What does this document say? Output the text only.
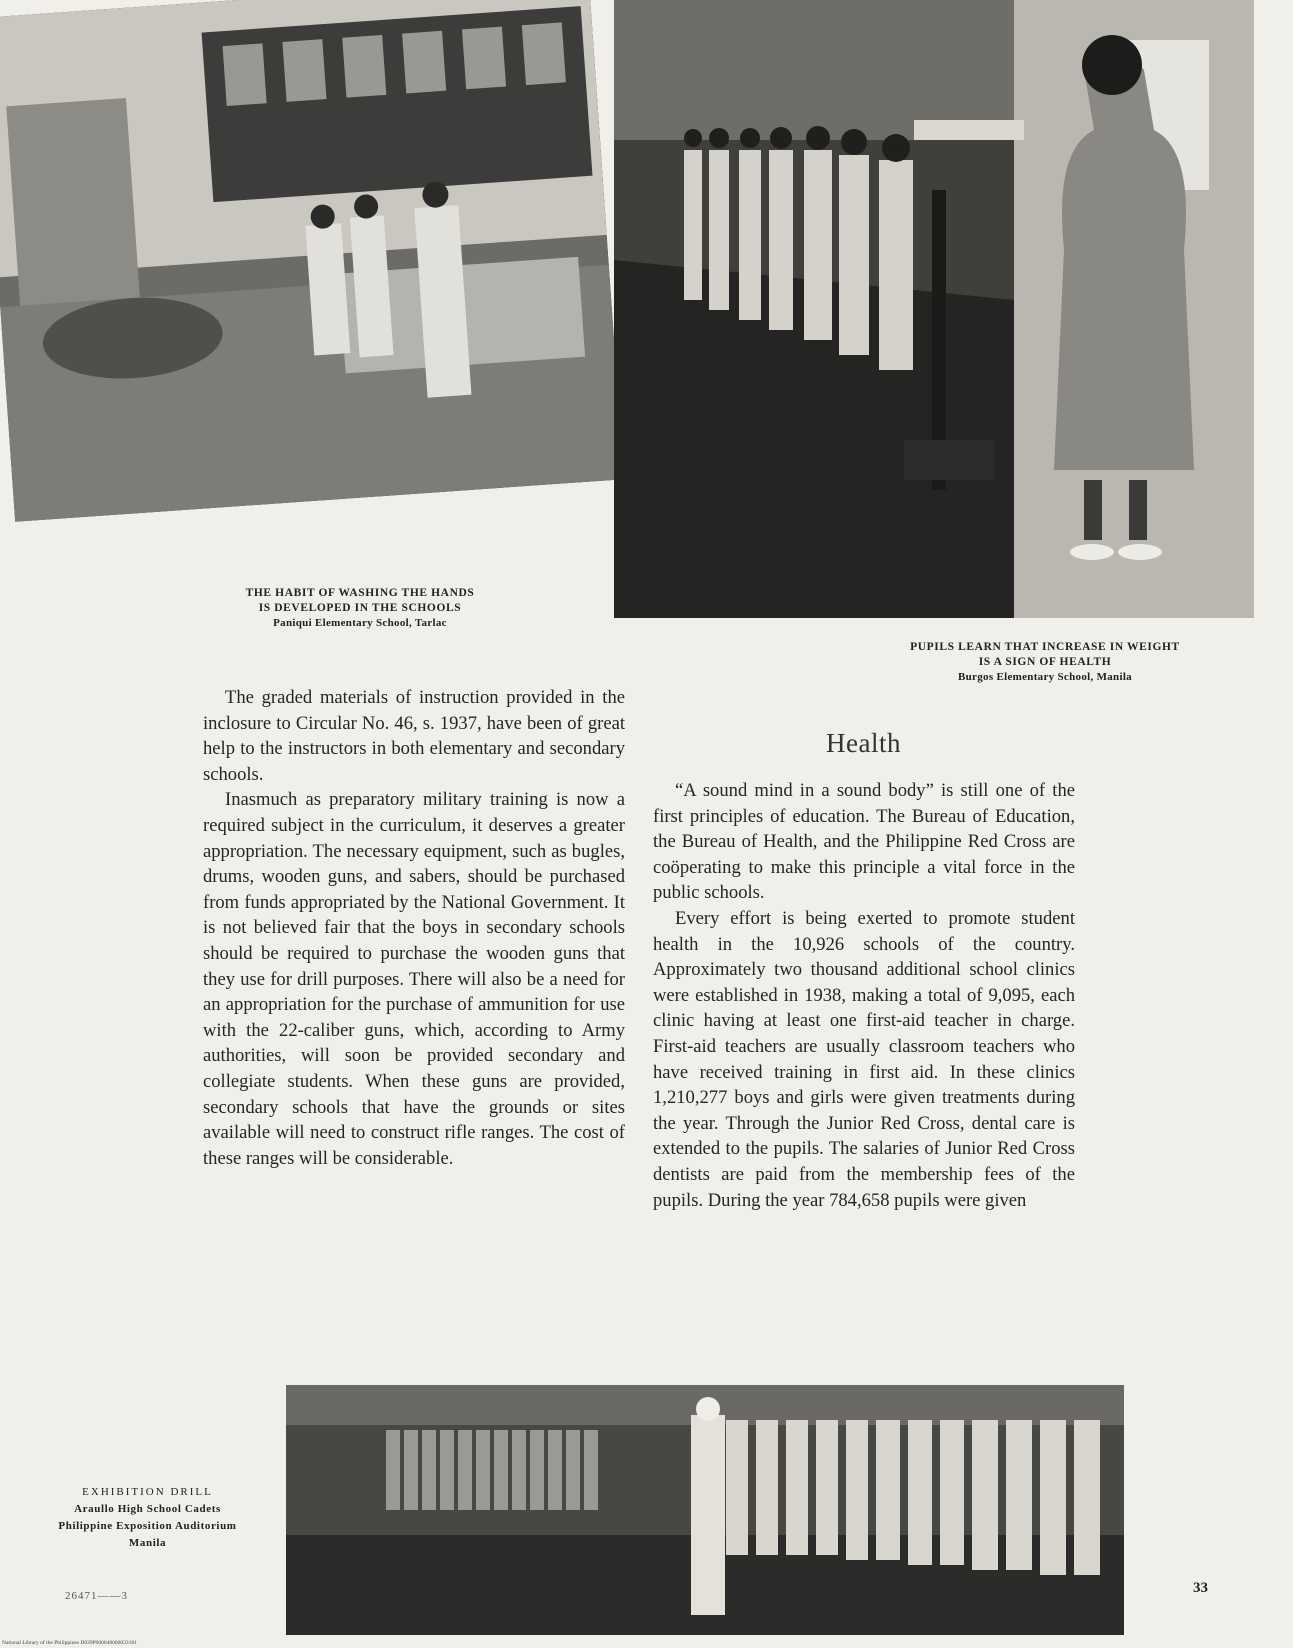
THE HABIT OF WASHING THE HANDS
IS DEVELOPED IN THE SCHOOLS
Paniqui Elementary School, Tarlac
PUPILS LEARN THAT INCREASE IN WEIGHT
IS A SIGN OF HEALTH
Burgos Elementary School, Manila

The graded materials of instruction provided in the inclosure to Circular No. 46, s. 1937, have been of great help to the instructors in both elementary and secondary schools.

Inasmuch as preparatory military training is now a required subject in the curriculum, it deserves a greater appropriation. The necessary equipment, such as bugles, drums, wooden guns, and sabers, should be purchased from funds appropriated by the National Government. It is not believed fair that the boys in secondary schools should be required to purchase the wooden guns that they use for drill purposes. There will also be a need for an appropriation for the purchase of ammunition for use with the 22-caliber guns, which, according to Army authorities, will soon be provided secondary and collegiate students. When these guns are provided, secondary schools that have the grounds or sites available will need to construct rifle ranges. The cost of these ranges will be considerable.

Health

“A sound mind in a sound body” is still one of the first principles of education. The Bureau of Education, the Bureau of Health, and the Philippine Red Cross are coöperating to make this principle a vital force in the public schools.

Every effort is being exerted to promote student health in the 10,926 schools of the country. Approximately two thousand additional school clinics were established in 1938, making a total of 9,095, each clinic having at least one first-aid teacher in charge. First-aid teachers are usually classroom teachers who have received training in first aid. In these clinics 1,210,277 boys and girls were given treatments during the year. Through the Junior Red Cross, dental care is extended to the pupils. The salaries of Junior Red Cross dentists are paid from the membership fees of the pupils. During the year 784,658 pupils were given

EXHIBITION DRILL
Araullo High School Cadets
Philippine Exposition Auditorium
Manila
26471——3	33
National Library of the Philippines D039P000048000033181
